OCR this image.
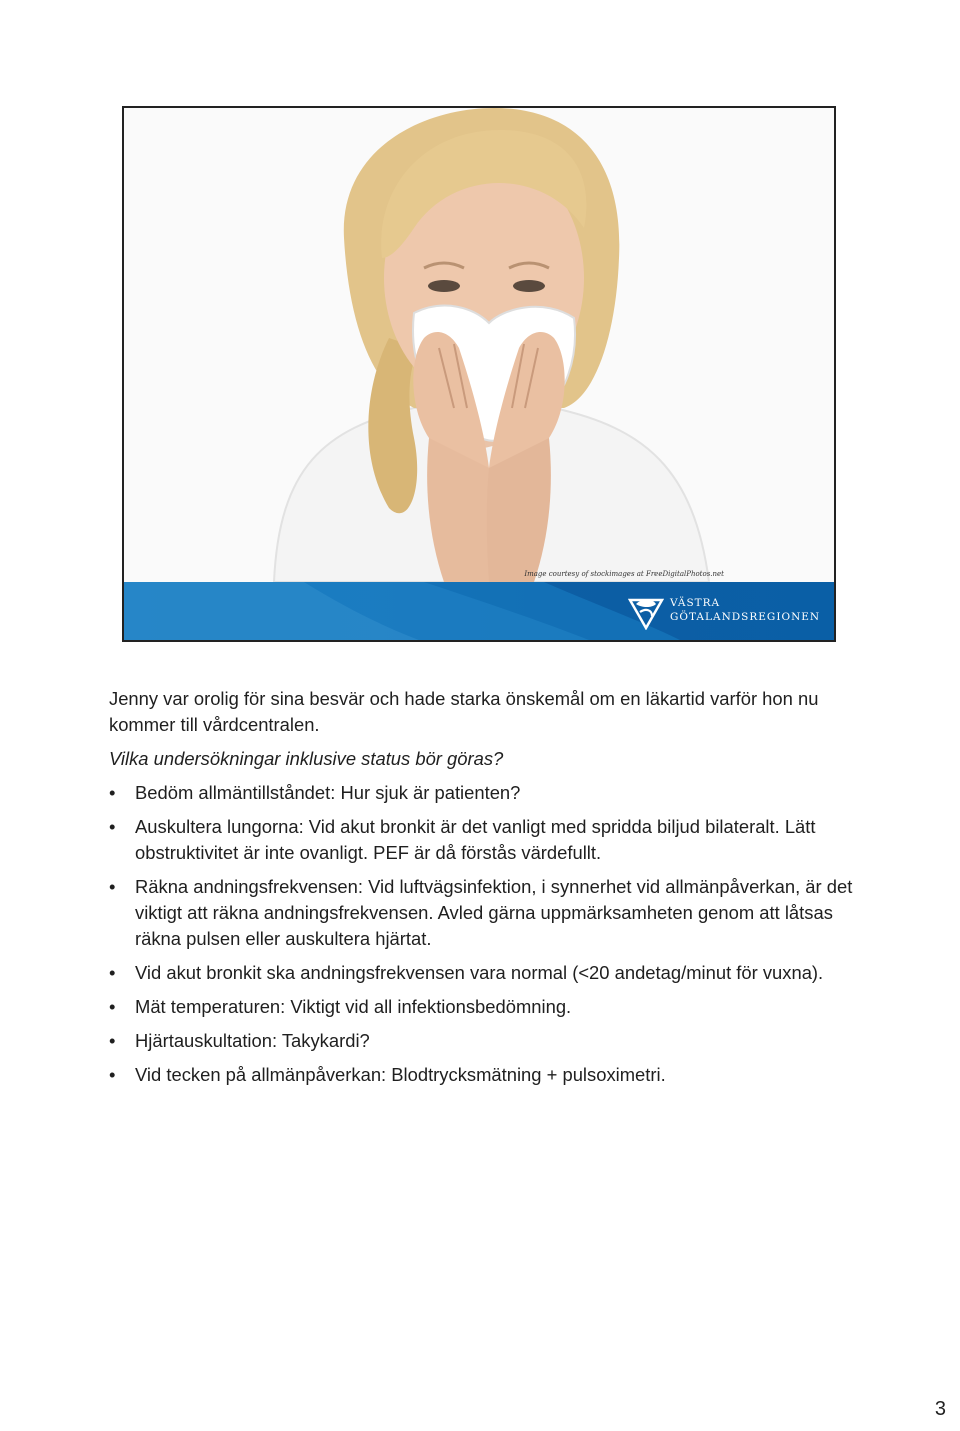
Image courtesy of stockimages at FreeDigitalPhotos.net
VÄSTRA
GÖTALANDSREGIONEN

Jenny var orolig för sina besvär och hade starka önskemål om en läkartid varför hon nu kommer till vårdcentralen.

Vilka undersökningar inklusive status bör göras?

• Bedöm allmäntillståndet: Hur sjuk är patienten?
• Auskultera lungorna: Vid akut bronkit är det vanligt med spridda biljud bilateralt. Lätt obstruktivitet är inte ovanligt. PEF är då förstås värdefullt.
• Räkna andningsfrekvensen: Vid luftvägsinfektion, i synnerhet vid allmänpåverkan, är det viktigt att räkna andningsfrekvensen. Avled gärna uppmärksamheten genom att låtsas räkna pulsen eller auskultera hjärtat.
• Vid akut bronkit ska andningsfrekvensen vara normal (<20 andetag/minut för vuxna).
• Mät temperaturen: Viktigt vid all infektionsbedömning.
• Hjärtauskultation: Takykardi?
• Vid tecken på allmänpåverkan: Blodtrycksmätning + pulsoximetri.
3
